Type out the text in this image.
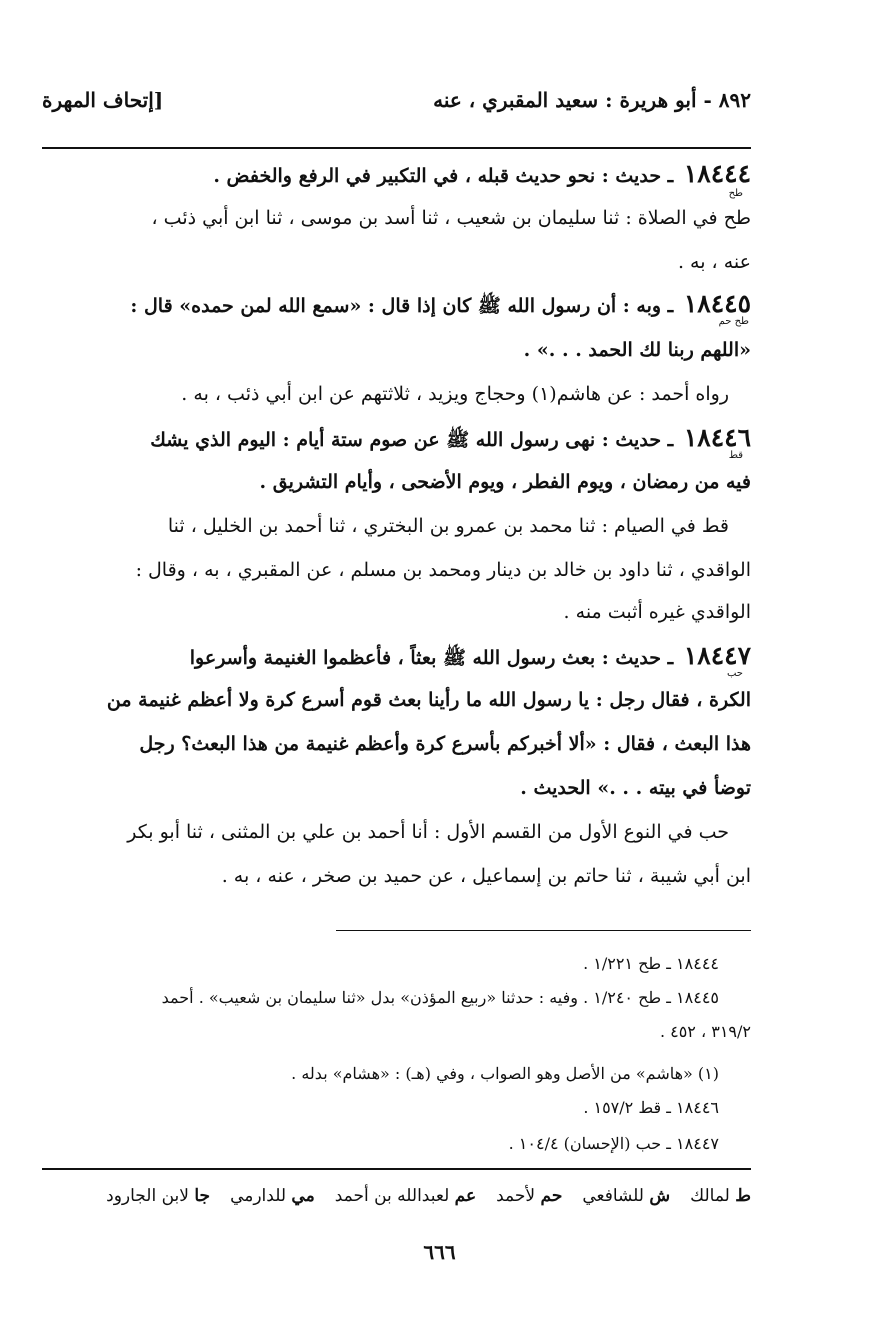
٨٩٢ - أبو هريرة : سعيد المقبري ، عنه
[إتحاف المهرة
١٨٤٤٤ ـ حديث : نحو حديث قبله ، في التكبير في الرفع والخفض .
طح
طح في الصلاة : ثنا سليمان بن شعيب ، ثنا أسد بن موسى ، ثنا ابن أبي ذئب ،
عنه ، به .
١٨٤٤٥ ـ وبه : أن رسول الله ﷺ كان إذا قال : «سمع الله لمن حمده» قال :
طح حم
«اللهم ربنا لك الحمد . . .» .
رواه أحمد : عن هاشم(١) وحجاج ويزيد ، ثلاثتهم عن ابن أبي ذئب ، به .
١٨٤٤٦ ـ حديث : نهى رسول الله ﷺ عن صوم ستة أيام : اليوم الذي يشك
قط
فيه من رمضان ، ويوم الفطر ، ويوم الأضحى ، وأيام التشريق .
قط في الصيام : ثنا محمد بن عمرو بن البختري ، ثنا أحمد بن الخليل ، ثنا
الواقدي ، ثنا داود بن خالد بن دينار ومحمد بن مسلم ، عن المقبري ، به ، وقال :
الواقدي غيره أثبت منه .
١٨٤٤٧ ـ حديث : بعث رسول الله ﷺ بعثاً ، فأعظموا الغنيمة وأسرعوا
حب
الكرة ، فقال رجل : يا رسول الله ما رأينا بعث قوم أسرع كرة ولا أعظم غنيمة من
هذا البعث ، فقال : «ألا أخبركم بأسرع كرة وأعظم غنيمة من هذا البعث؟ رجل
توضأ في بيته . . .» الحديث .
حب في النوع الأول من القسم الأول : أنا أحمد بن علي بن المثنى ، ثنا أبو بكر
ابن أبي شيبة ، ثنا حاتم بن إسماعيل ، عن حميد بن صخر ، عنه ، به .
١٨٤٤٤ ـ طح ١/٢٢١ .
١٨٤٤٥ ـ طح ١/٢٤٠ . وفيه : حدثنا «ربيع المؤذن» بدل «ثنا سليمان بن شعيب» . أحمد
٣١٩/٢ ، ٤٥٢ .
(١) «هاشم» من الأصل وهو الصواب ، وفي (هـ) : «هشام» بدله .
١٨٤٤٦ ـ قط ١٥٧/٢ .
١٨٤٤٧ ـ حب (الإحسان) ١٠٤/٤ .
ط لمالكش للشافعيحم لأحمدعم لعبدالله بن أحمدمي للدارميجا لابن الجارود
٦٦٦
